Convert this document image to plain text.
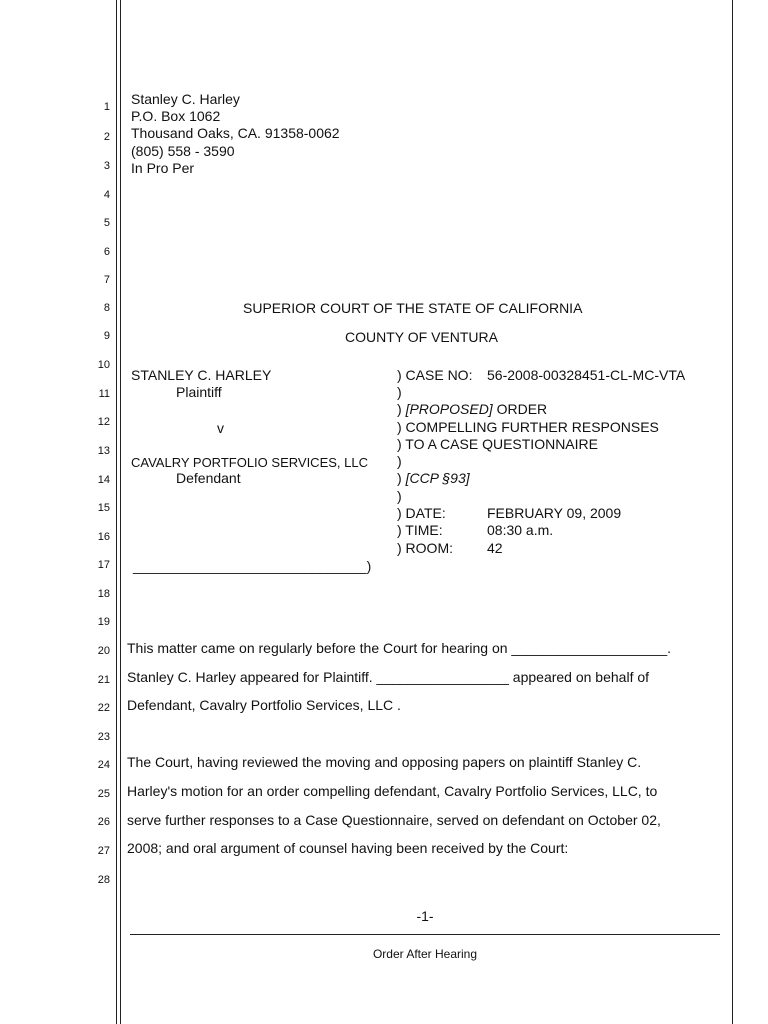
1
2
3
4
5
6
7
8
9
10
11
12
13
14
15
16
17
18
19
20
21
22
23
24
25
26
27
28
Stanley C. Harley
P.O. Box 1062
Thousand Oaks, CA. 91358-0062
(805) 558 - 3590
In Pro Per
SUPERIOR COURT OF THE STATE OF CALIFORNIA
COUNTY OF VENTURA
STANLEY C. HARLEY
Plaintiff
v
CAVALRY PORTFOLIO SERVICES, LLC
Defendant
______________________________)
) CASE NO: 56-2008-00328451-CL-MC-VTA
)
) [PROPOSED] ORDER
) COMPELLING FURTHER RESPONSES
) TO A CASE QUESTIONNAIRE
)
) [CCP §93]
)
) DATE:	FEBRUARY 09, 2009
) TIME:	08:30 a.m.
) ROOM: 42
This matter came on regularly before the Court for hearing on ____________________.
Stanley C. Harley appeared for Plaintiff. _________________ appeared on behalf of
Defendant, Cavalry Portfolio Services, LLC .
The Court, having reviewed the moving and opposing papers on plaintiff Stanley C.
Harley's motion for an order compelling defendant, Cavalry Portfolio Services, LLC, to
serve further responses to a Case Questionnaire, served on defendant on October 02,
2008; and oral argument of counsel having been received by the Court:
-1-
Order After Hearing
